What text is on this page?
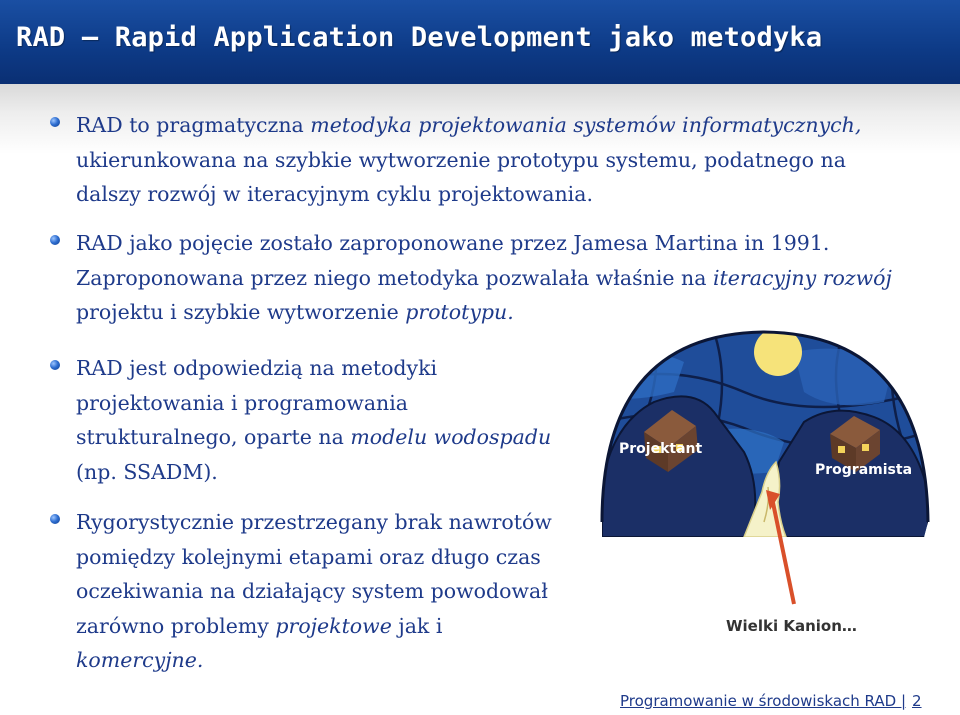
RAD — Rapid Application Development jako metodyka
RAD to pragmatyczna metodyka projektowania systemów informatycznych,
ukierunkowana na szybkie wytworzenie prototypu systemu, podatnego na
dalszy rozwój w iteracyjnym cyklu projektowania.
RAD jako pojęcie zostało zaproponowane przez Jamesa Martina in 1991.
Zaproponowana przez niego metodyka pozwalała właśnie na iteracyjny rozwój
projektu i szybkie wytworzenie prototypu.
RAD jest odpowiedzią na metodyki
projektowania i programowania
strukturalnego, oparte na modelu wodospadu
(np. SSADM).
Rygorystycznie przestrzegany brak nawrotów
pomiędzy kolejnymi etapami oraz długo czas
oczekiwania na działający system powodował
zarówno problemy projektowe jak i
komercyjne.
Projektant
Programista
Wielki Kanion…
Programowanie w środowiskach RAD | 2
